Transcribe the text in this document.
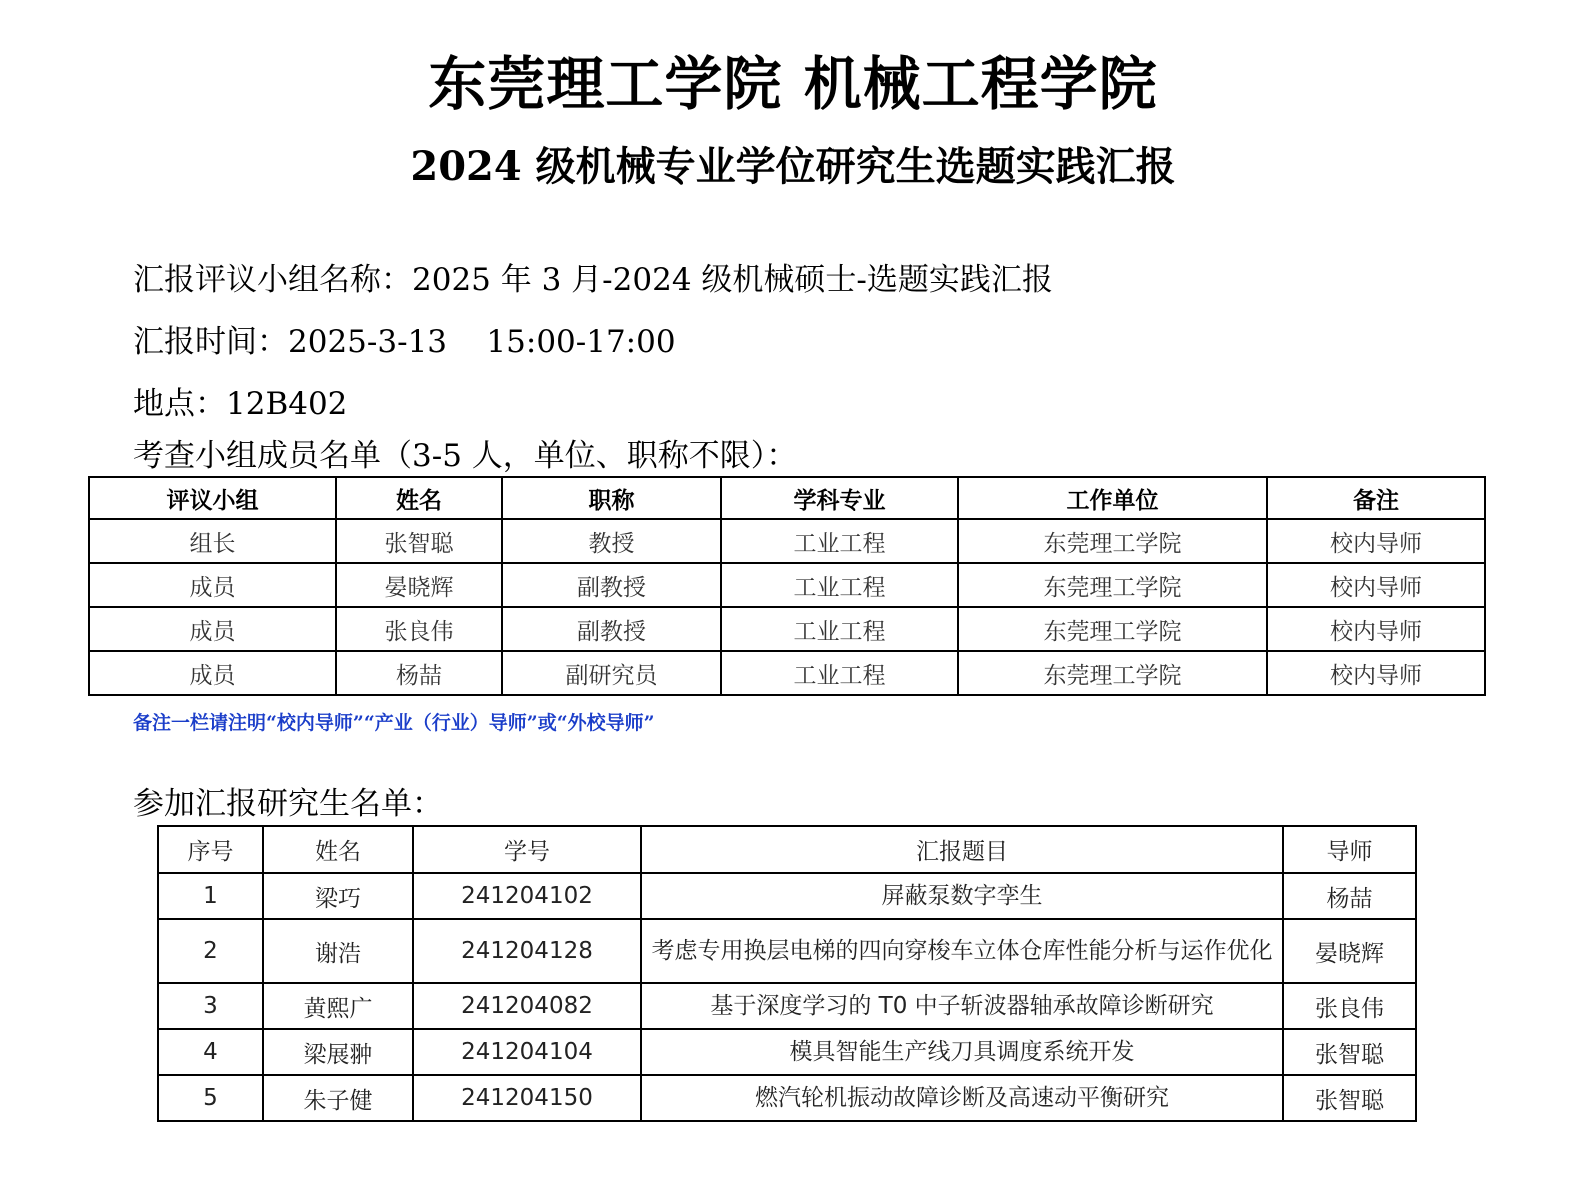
东莞理工学院 机械工程学院
2024 级机械专业学位研究生选题实践汇报
汇报评议小组名称：2025 年 3 月-2024 级机械硕士-选题实践汇报
汇报时间：2025-3-13    15:00-17:00
地点：12B402
考查小组成员名单（3-5 人，单位、职称不限）：
评议小组	姓名	职称	学科专业	工作单位	备注
组长	张智聪	教授	工业工程	东莞理工学院	校内导师
成员	晏晓辉	副教授	工业工程	东莞理工学院	校内导师
成员	张良伟	副教授	工业工程	东莞理工学院	校内导师
成员	杨喆	副研究员	工业工程	东莞理工学院	校内导师
备注一栏请注明“校内导师”“产业（行业）导师”或“外校导师”
参加汇报研究生名单：
序号	姓名	学号	汇报题目	导师
1	梁巧	241204102	屏蔽泵数字孪生	杨喆
2	谢浩	241204128	考虑专用换层电梯的四向穿梭车立体仓库性能分析与运作优化	晏晓辉
3	黄熙广	241204082	基于深度学习的 T0 中子斩波器轴承故障诊断研究	张良伟
4	梁展翀	241204104	模具智能生产线刀具调度系统开发	张智聪
5	朱子健	241204150	燃汽轮机振动故障诊断及高速动平衡研究	张智聪
